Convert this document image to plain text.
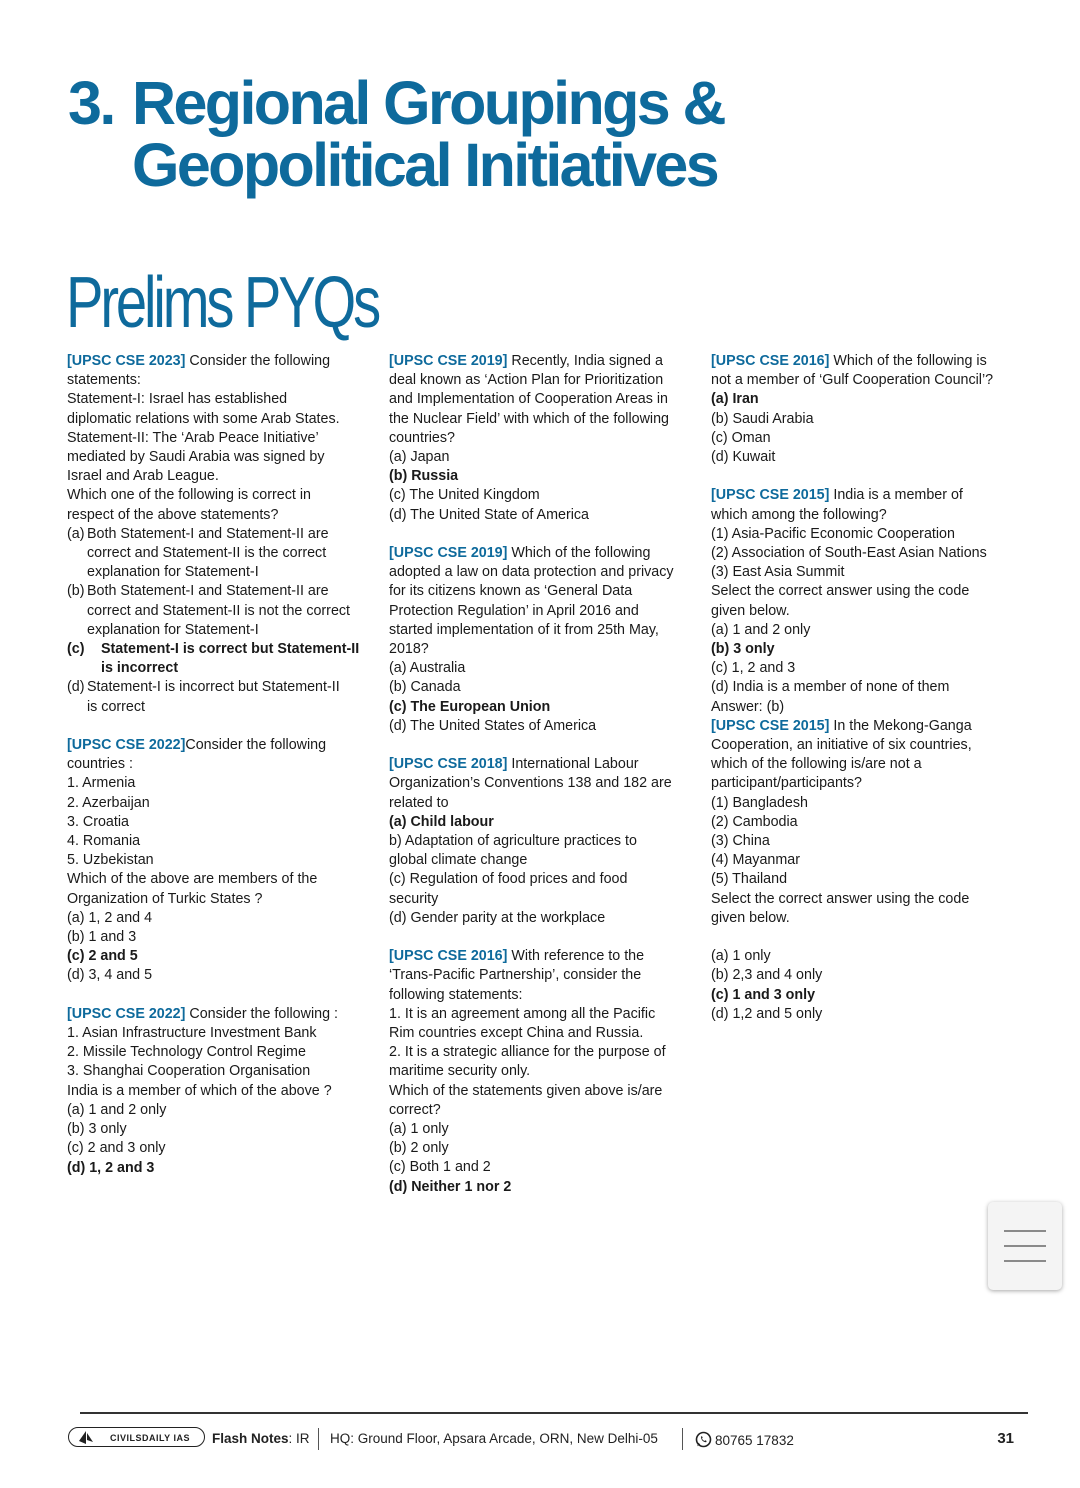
3. Regional Groupings &
Geopolitical Initiatives
Prelims PYQs
[UPSC CSE 2023] Consider the following
statements:
Statement-I: Israel has established
diplomatic relations with some Arab States.
Statement-II: The ‘Arab Peace Initiative’
mediated by Saudi Arabia was signed by
Israel and Arab League.
Which one of the following is correct in
respect of the above statements?
(a) Both Statement-I and Statement-II are
correct and Statement-II is the correct
explanation for Statement-I
(b) Both Statement-I and Statement-II are
correct and Statement-II is not the correct
explanation for Statement-I
(c) Statement-I is correct but Statement-II
is incorrect
(d) Statement-I is incorrect but Statement-II
is correct
[UPSC CSE 2022]Consider the following
countries :
1. Armenia
2. Azerbaijan
3. Croatia
4. Romania
5. Uzbekistan
Which of the above are members of the
Organization of Turkic States ?
(a) 1, 2 and 4
(b) 1 and 3
(c) 2 and 5
(d) 3, 4 and 5
[UPSC CSE 2022] Consider the following :
1. Asian Infrastructure Investment Bank
2. Missile Technology Control Regime
3. Shanghai Cooperation Organisation
India is a member of which of the above ?
(a) 1 and 2 only
(b) 3 only
(c) 2 and 3 only
(d) 1, 2 and 3
[UPSC CSE 2019] Recently, India signed a
deal known as ‘Action Plan for Prioritization
and Implementation of Cooperation Areas in
the Nuclear Field’ with which of the following
countries?
(a) Japan
(b) Russia
(c) The United Kingdom
(d) The United State of America
[UPSC CSE 2019] Which of the following
adopted a law on data protection and privacy
for its citizens known as ‘General Data
Protection Regulation’ in April 2016 and
started implementation of it from 25th May,
2018?
(a) Australia
(b) Canada
(c) The European Union
(d) The United States of America
[UPSC CSE 2018] International Labour
Organization’s Conventions 138 and 182 are
related to
(a) Child labour
b) Adaptation of agriculture practices to
global climate change
(c) Regulation of food prices and food
security
(d) Gender parity at the workplace
[UPSC CSE 2016] With reference to the
‘Trans-Pacific Partnership’, consider the
following statements:
1. It is an agreement among all the Pacific
Rim countries except China and Russia.
2. It is a strategic alliance for the purpose of
maritime security only.
Which of the statements given above is/are
correct?
(a) 1 only
(b) 2 only
(c) Both 1 and 2
(d) Neither 1 nor 2
[UPSC CSE 2016] Which of the following is
not a member of ‘Gulf Cooperation Council’?
(a) Iran
(b) Saudi Arabia
(c) Oman
(d) Kuwait
[UPSC CSE 2015] India is a member of
which among the following?
(1) Asia-Pacific Economic Cooperation
(2) Association of South-East Asian Nations
(3) East Asia Summit
Select the correct answer using the code
given below.
(a) 1 and 2 only
(b) 3 only
(c) 1, 2 and 3
(d) India is a member of none of them
Answer: (b)
[UPSC CSE 2015] In the Mekong-Ganga
Cooperation, an initiative of six countries,
which of the following is/are not a
participant/participants?
(1) Bangladesh
(2) Cambodia
(3) China
(4) Mayanmar
(5) Thailand
Select the correct answer using the code
given below.
(a) 1 only
(b) 2,3 and 4 only
(c) 1 and 3 only
(d) 1,2 and 5 only
CIVILSDAILY IAS	Flash Notes: IR HQ: Ground Floor, Apsara Arcade, ORN, New Delhi-05	80765 17832	31
